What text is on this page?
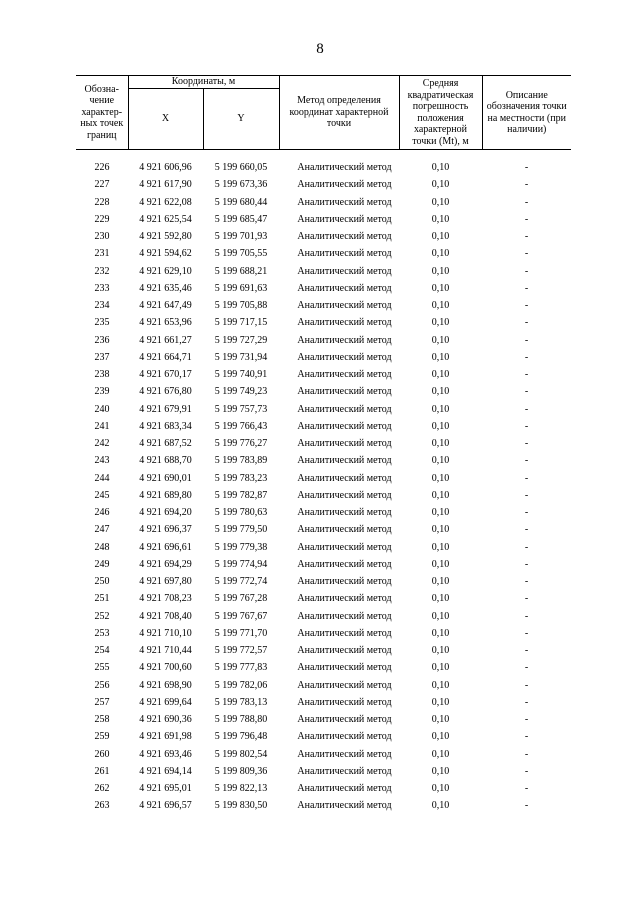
8
Обозна-чение характер-ных точек границ	Координаты, м		Метод определения координат характерной точки	Средняя квадратическая погрешность положения характерной точки (Mt), м	Описание обозначения точки на местности (при наличии)
	X	Y			

226	4 921 606,96	5 199 660,05	Аналитический метод	0,10	-
227	4 921 617,90	5 199 673,36	Аналитический метод	0,10	-
228	4 921 622,08	5 199 680,44	Аналитический метод	0,10	-
229	4 921 625,54	5 199 685,47	Аналитический метод	0,10	-
230	4 921 592,80	5 199 701,93	Аналитический метод	0,10	-
231	4 921 594,62	5 199 705,55	Аналитический метод	0,10	-
232	4 921 629,10	5 199 688,21	Аналитический метод	0,10	-
233	4 921 635,46	5 199 691,63	Аналитический метод	0,10	-
234	4 921 647,49	5 199 705,88	Аналитический метод	0,10	-
235	4 921 653,96	5 199 717,15	Аналитический метод	0,10	-
236	4 921 661,27	5 199 727,29	Аналитический метод	0,10	-
237	4 921 664,71	5 199 731,94	Аналитический метод	0,10	-
238	4 921 670,17	5 199 740,91	Аналитический метод	0,10	-
239	4 921 676,80	5 199 749,23	Аналитический метод	0,10	-
240	4 921 679,91	5 199 757,73	Аналитический метод	0,10	-
241	4 921 683,34	5 199 766,43	Аналитический метод	0,10	-
242	4 921 687,52	5 199 776,27	Аналитический метод	0,10	-
243	4 921 688,70	5 199 783,89	Аналитический метод	0,10	-
244	4 921 690,01	5 199 783,23	Аналитический метод	0,10	-
245	4 921 689,80	5 199 782,87	Аналитический метод	0,10	-
246	4 921 694,20	5 199 780,63	Аналитический метод	0,10	-
247	4 921 696,37	5 199 779,50	Аналитический метод	0,10	-
248	4 921 696,61	5 199 779,38	Аналитический метод	0,10	-
249	4 921 694,29	5 199 774,94	Аналитический метод	0,10	-
250	4 921 697,80	5 199 772,74	Аналитический метод	0,10	-
251	4 921 708,23	5 199 767,28	Аналитический метод	0,10	-
252	4 921 708,40	5 199 767,67	Аналитический метод	0,10	-
253	4 921 710,10	5 199 771,70	Аналитический метод	0,10	-
254	4 921 710,44	5 199 772,57	Аналитический метод	0,10	-
255	4 921 700,60	5 199 777,83	Аналитический метод	0,10	-
256	4 921 698,90	5 199 782,06	Аналитический метод	0,10	-
257	4 921 699,64	5 199 783,13	Аналитический метод	0,10	-
258	4 921 690,36	5 199 788,80	Аналитический метод	0,10	-
259	4 921 691,98	5 199 796,48	Аналитический метод	0,10	-
260	4 921 693,46	5 199 802,54	Аналитический метод	0,10	-
261	4 921 694,14	5 199 809,36	Аналитический метод	0,10	-
262	4 921 695,01	5 199 822,13	Аналитический метод	0,10	-
263	4 921 696,57	5 199 830,50	Аналитический метод	0,10	-
